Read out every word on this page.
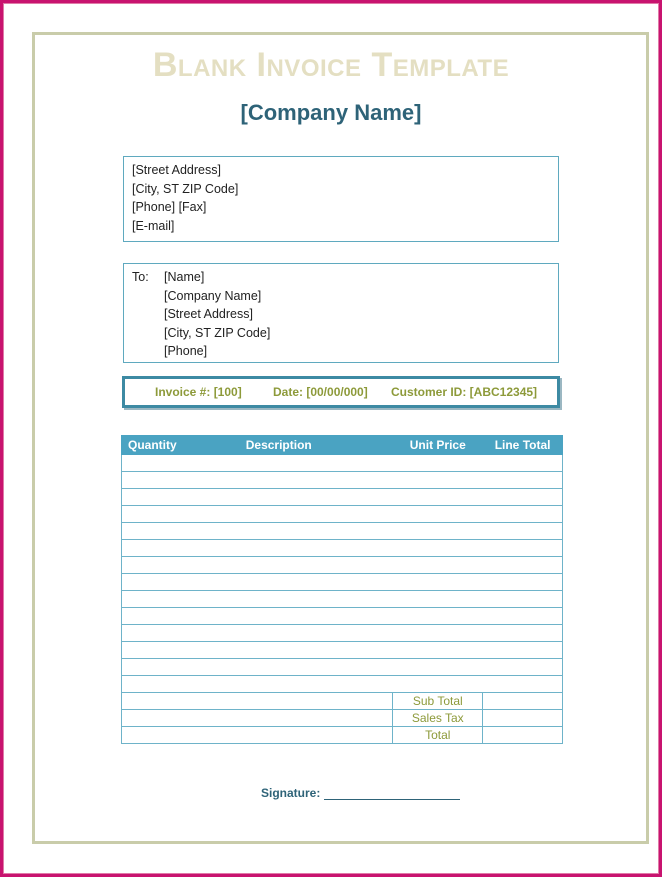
Blank Invoice Template
[Company Name]
[Street Address]
[City, ST ZIP Code]
[Phone] [Fax]
[E-mail]
To:	[Name]
[Company Name]
[Street Address]
[City, ST ZIP Code]
[Phone]
Invoice #: [100]	Date: [00/00/000] Customer ID: [ABC12345]
Quantity	Description	Unit Price	Line Total

		Sub Total	
		Sales Tax	
		Total	
Signature:
